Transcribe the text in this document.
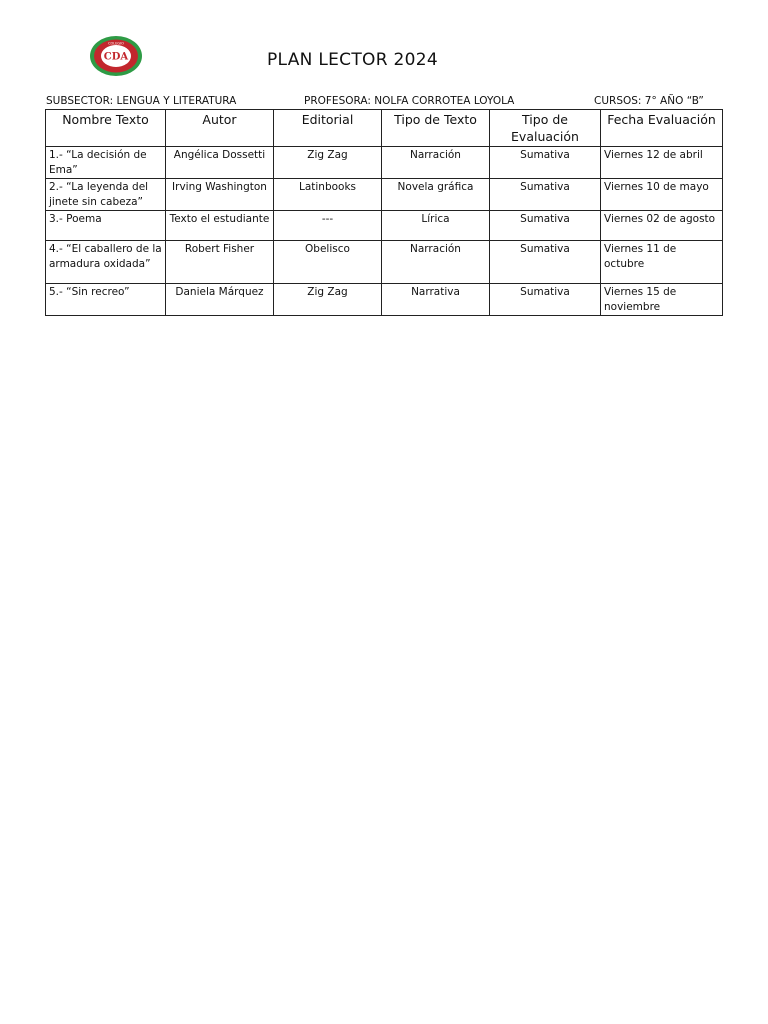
CDA
COLEGIO
PLAN LECTOR 2024
SUBSECTOR: LENGUA Y LITERATURA	PROFESORA: NOLFA CORROTEA LOYOLA	CURSOS: 7° AÑO “B”
Nombre Texto	Autor	Editorial	Tipo de Texto	Tipo de Evaluación	Fecha Evaluación
1.- “La decisión de Ema”	Angélica Dossetti	Zig Zag	Narración	Sumativa	Viernes 12 de abril
2.- “La leyenda del jinete sin cabeza”	Irving Washington	Latinbooks	Novela gráfica	Sumativa	Viernes 10 de mayo
3.- Poema	Texto el estudiante	---	Lírica	Sumativa	Viernes 02 de agosto
4.- “El caballero de la armadura oxidada”	Robert Fisher	Obelisco	Narración	Sumativa	Viernes 11 de octubre
5.- “Sin recreo”	Daniela Márquez	Zig Zag	Narrativa	Sumativa	Viernes 15 de noviembre
